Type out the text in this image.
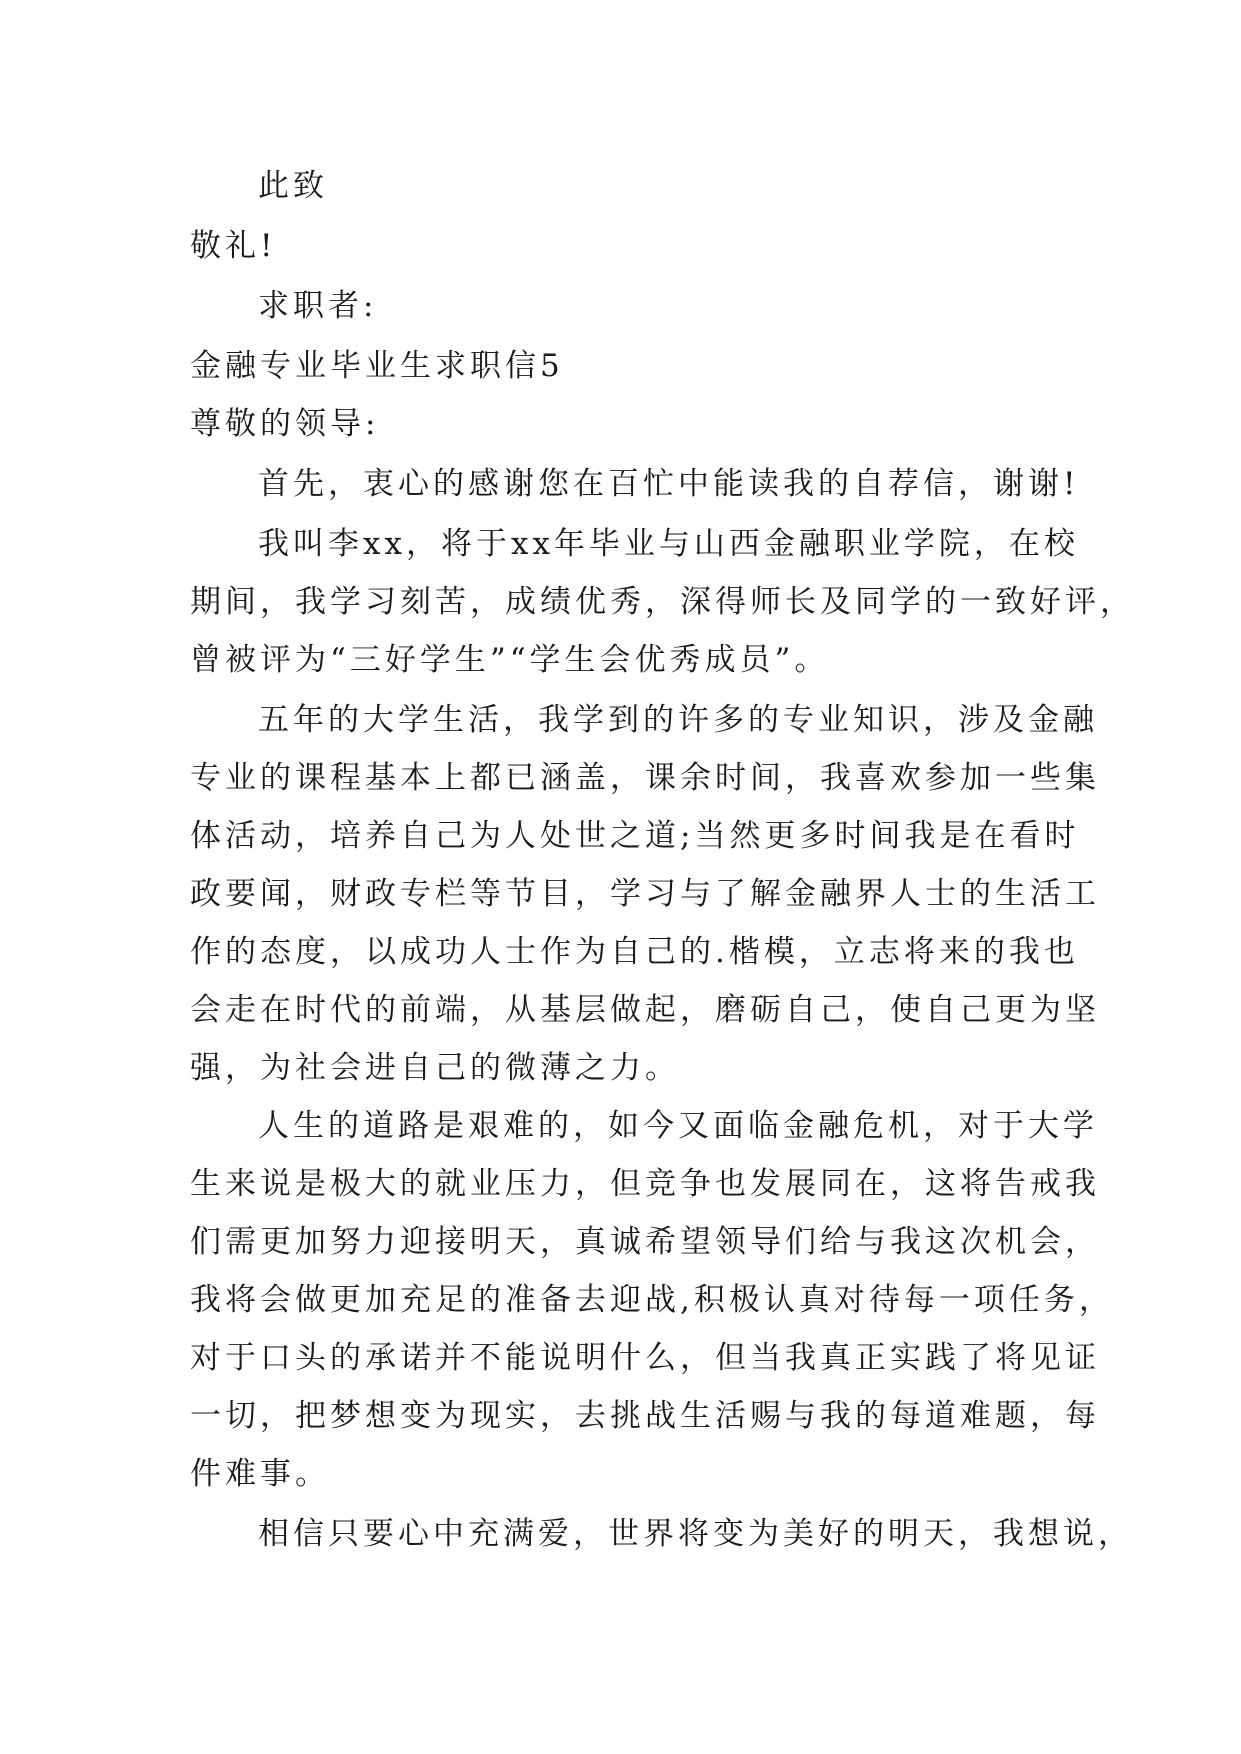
此致
敬礼!
求职者:
金融专业毕业生求职信5
尊敬的领导:
首先，衷心的感谢您在百忙中能读我的自荐信，谢谢!
我叫李xx，将于xx年毕业与山西金融职业学院，在校
期间，我学习刻苦，成绩优秀，深得师长及同学的一致好评，
曾被评为“三好学生”“学生会优秀成员”。
五年的大学生活，我学到的许多的专业知识，涉及金融
专业的课程基本上都已涵盖，课余时间，我喜欢参加一些集
体活动，培养自己为人处世之道;当然更多时间我是在看时
政要闻，财政专栏等节目，学习与了解金融界人士的生活工
作的态度，以成功人士作为自己的.楷模，立志将来的我也
会走在时代的前端，从基层做起，磨砺自己，使自己更为坚
强，为社会进自己的微薄之力。
人生的道路是艰难的，如今又面临金融危机，对于大学
生来说是极大的就业压力，但竞争也发展同在，这将告戒我
们需更加努力迎接明天，真诚希望领导们给与我这次机会，
我将会做更加充足的准备去迎战,积极认真对待每一项任务，
对于口头的承诺并不能说明什么，但当我真正实践了将见证
一切，把梦想变为现实，去挑战生活赐与我的每道难题，每
件难事。
相信只要心中充满爱，世界将变为美好的明天，我想说，
